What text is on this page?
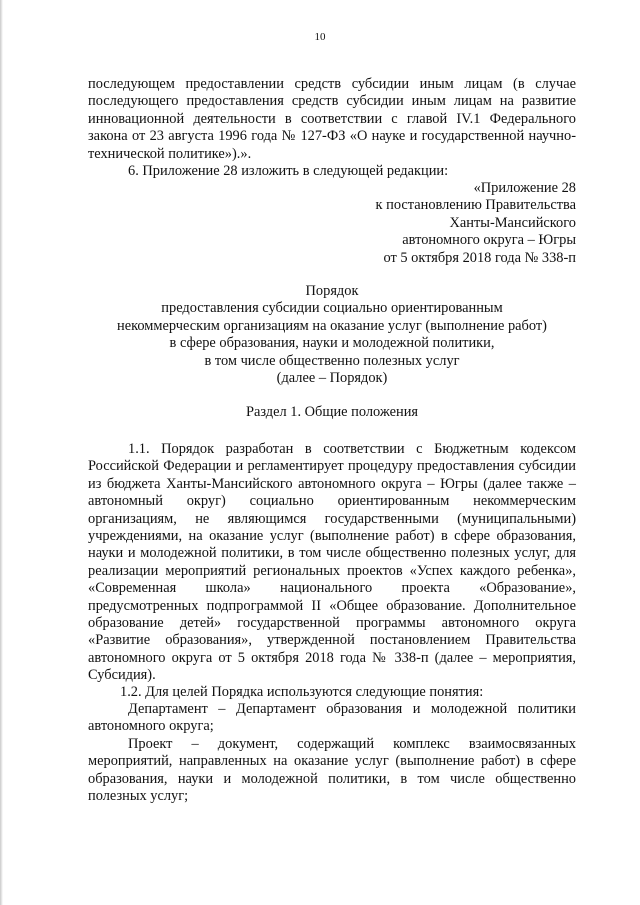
10

последующем предоставлении средств субсидии иным лицам (в случае последующего предоставления средств субсидии иным лицам на развитие инновационной деятельности в соответствии с главой IV.1 Федерального закона от 23 августа 1996 года № 127-ФЗ «О науке и государственной научно-технической политике»).».

6. Приложение 28 изложить в следующей редакции:

«Приложение 28
к постановлению Правительства
Ханты-Мансийского
автономного округа – Югры
от 5 октября 2018 года № 338-п
Порядок
предоставления субсидии социально ориентированным
некоммерческим организациям на оказание услуг (выполнение работ)
в сфере образования, науки и молодежной политики,
в том числе общественно полезных услуг
(далее – Порядок)

Раздел 1. Общие положения

1.1. Порядок разработан в соответствии с Бюджетным кодексом Российской Федерации и регламентирует процедуру предоставления субсидии из бюджета Ханты-Мансийского автономного округа – Югры (далее также – автономный округ) социально ориентированным некоммерческим организациям, не являющимся государственными (муниципальными) учреждениями, на оказание услуг (выполнение работ) в сфере образования, науки и молодежной политики, в том числе общественно полезных услуг, для реализации мероприятий региональных проектов «Успех каждого ребенка», «Современная школа» национального проекта «Образование», предусмотренных подпрограммой II «Общее образование. Дополнительное образование детей» государственной программы автономного округа «Развитие образования», утвержденной постановлением Правительства автономного округа от 5 октября 2018 года № 338-п (далее – мероприятия, Субсидия).

1.2. Для целей Порядка используются следующие понятия:

Департамент – Департамент образования и молодежной политики автономного округа;

Проект – документ, содержащий комплекс взаимосвязанных мероприятий, направленных на оказание услуг (выполнение работ) в сфере образования, науки и молодежной политики, в том числе общественно полезных услуг;
